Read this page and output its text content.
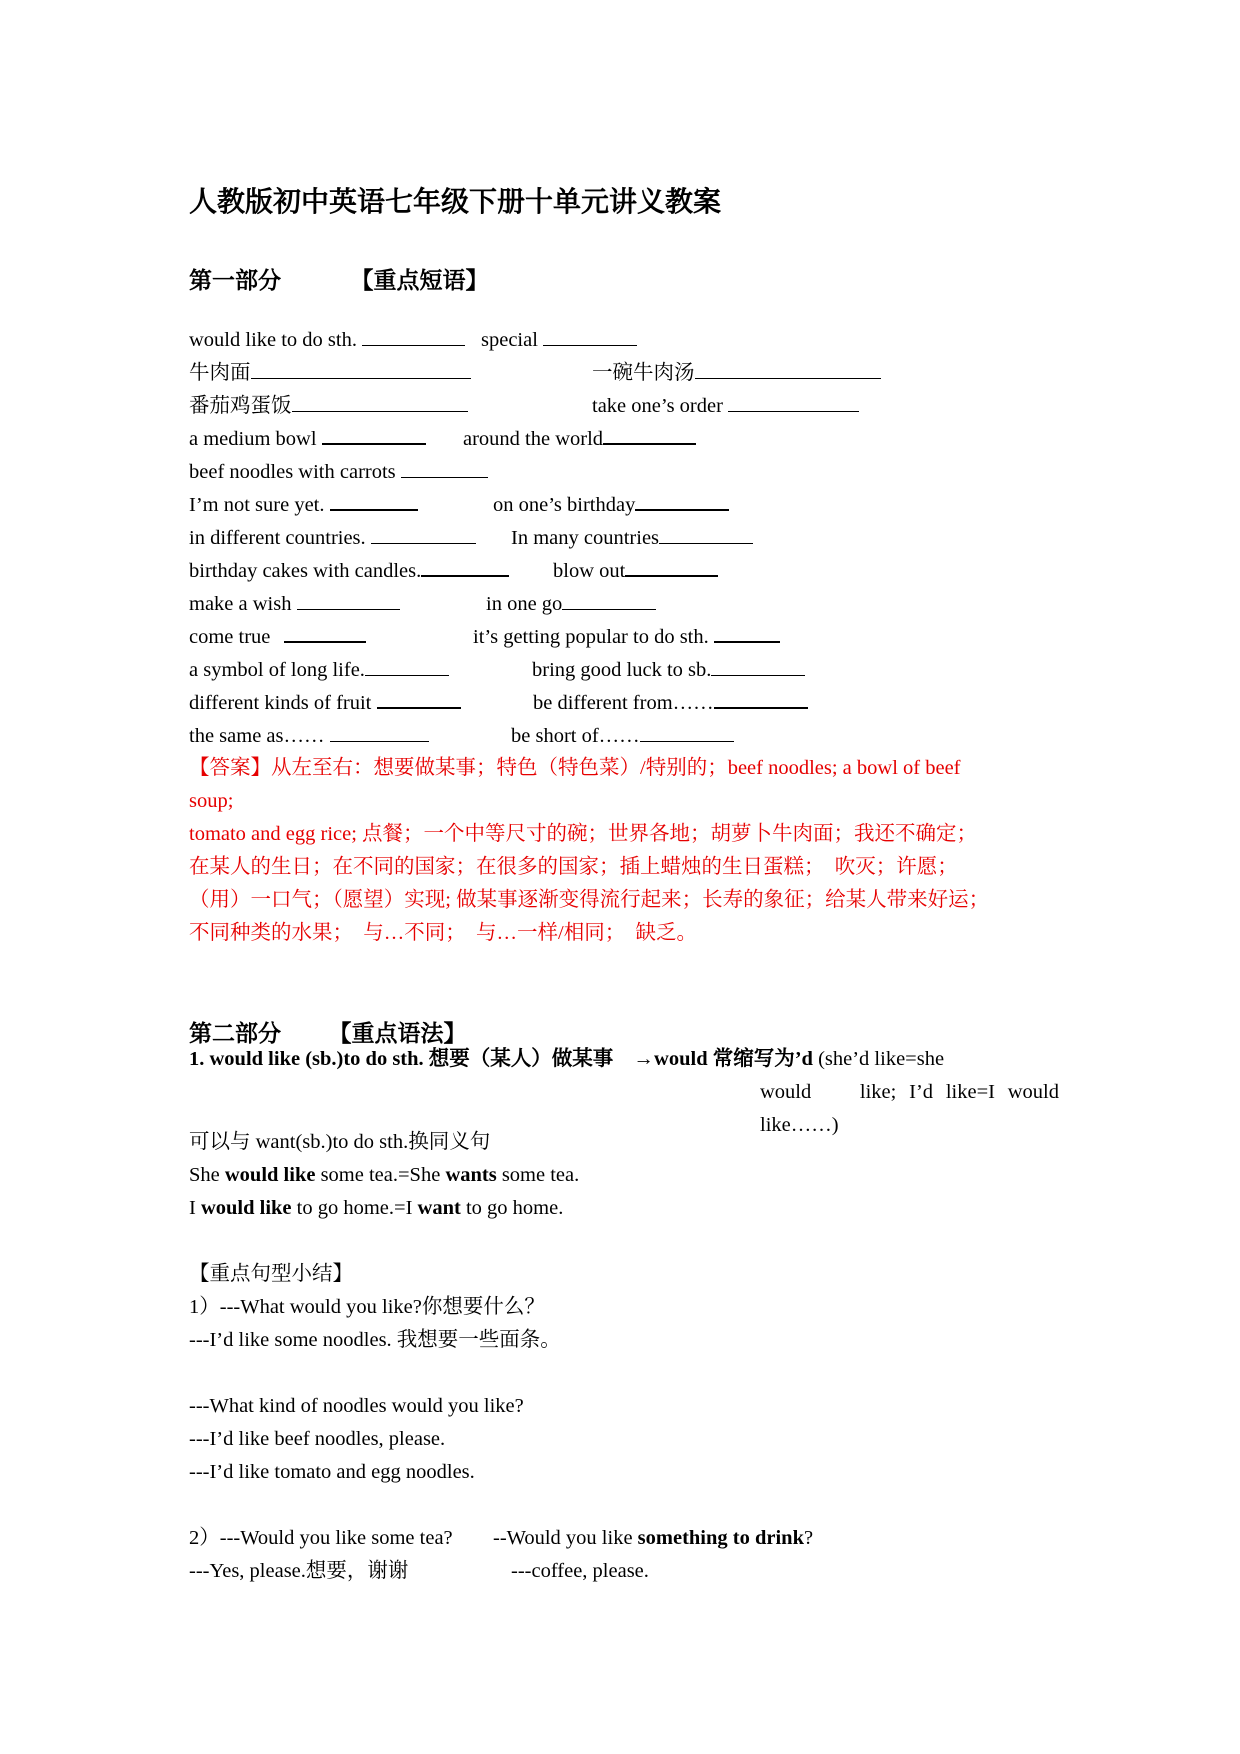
人教版初中英语七年级下册十单元讲义教案
第一部分	【重点短语】
would like to do sth.	special
牛肉面	一碗牛肉汤
番茄鸡蛋饭	take one’s order
a medium bowl	around the world
beef noodles with carrots
I’m not sure yet.	on one’s birthday
in different countries.	In many countries
birthday cakes with candles.	blow out
make a wish	in one go
come true	it’s getting popular to do sth.
a symbol of long life.	bring good luck to sb.
different kinds of fruit	be different from……
the same as……	be short of……

【答案】从左至右：想要做某事；特色（特色菜）/特别的；beef noodles; a bowl of beef

soup;

tomato and egg rice; 点餐；一个中等尺寸的碗；世界各地；胡萝卜牛肉面；我还不确定；

在某人的生日；在不同的国家；在很多的国家；插上蜡烛的生日蛋糕；　吹灭；许愿；

（用）一口气；（愿望）实现; 做某事逐渐变得流行起来；长寿的象征；给某人带来好运；

不同种类的水果；　与…不同；　与…一样/相同；　缺乏。

第二部分 【重点语法】
1. would like (sb.)to do sth. 想要（某人）做某事 →would 常缩写为’d (she’d like=she
would　 like; I’d like=I would
like……)
可以与 want(sb.)to do sth.换同义句
She would like some tea.=She wants some tea.
I would like to go home.=I want to go home.
【重点句型小结】
1）---What would you like?你想要什么？
---I’d like some noodles. 我想要一些面条。
---What kind of noodles would you like?
---I’d like beef noodles, please.
---I’d like tomato and egg noodles.
2）---Would you like some tea? --Would you like something to drink?
---Yes, please.想要，谢谢	---coffee, please.
